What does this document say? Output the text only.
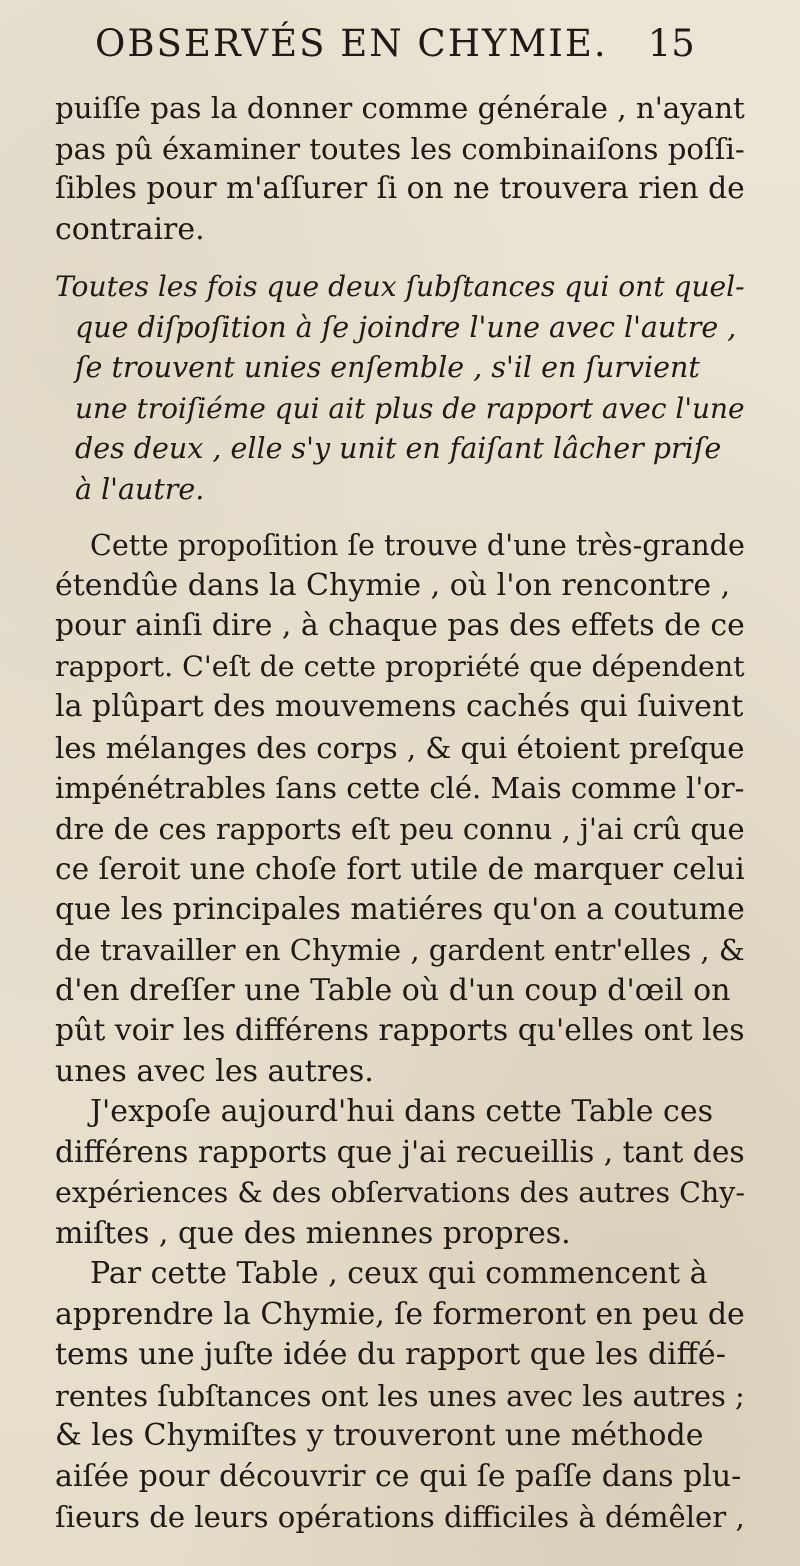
OBSERVÉS EN CHYMIE. 15
puiſſe pas la donner comme générale , n'ayant
pas pû éxaminer toutes les combinaiſons poſſi-
ſibles pour m'aſſurer ſi on ne trouvera rien de
contraire.
Toutes les fois que deux ſubſtances qui ont quel-
que diſpoſition à ſe joindre l'une avec l'autre ,
ſe trouvent unies enſemble , s'il en ſurvient
une troiſiéme qui ait plus de rapport avec l'une
des deux , elle s'y unit en faiſant lâcher priſe
à l'autre.
Cette propoſition ſe trouve d'une très-grande
étendûe dans la Chymie , où l'on rencontre ,
pour ainſi dire , à chaque pas des effets de ce
rapport. C'eſt de cette propriété que dépendent
la plûpart des mouvemens cachés qui ſuivent
les mélanges des corps , & qui étoient preſque
impénétrables ſans cette clé. Mais comme l'or-
dre de ces rapports eſt peu connu , j'ai crû que
ce ſeroit une choſe fort utile de marquer celui
que les principales matiéres qu'on a coutume
de travailler en Chymie , gardent entr'elles , &
d'en dreſſer une Table où d'un coup d'œil on
pût voir les différens rapports qu'elles ont les
unes avec les autres.
J'expoſe aujourd'hui dans cette Table ces
différens rapports que j'ai recueillis , tant des
expériences & des obſervations des autres Chy-
miſtes , que des miennes propres.
Par cette Table , ceux qui commencent à
apprendre la Chymie, ſe formeront en peu de
tems une juſte idée du rapport que les diffé-
rentes ſubſtances ont les unes avec les autres ;
& les Chymiſtes y trouveront une méthode
aiſée pour découvrir ce qui ſe paſſe dans plu-
ſieurs de leurs opérations difficiles à démêler ,
